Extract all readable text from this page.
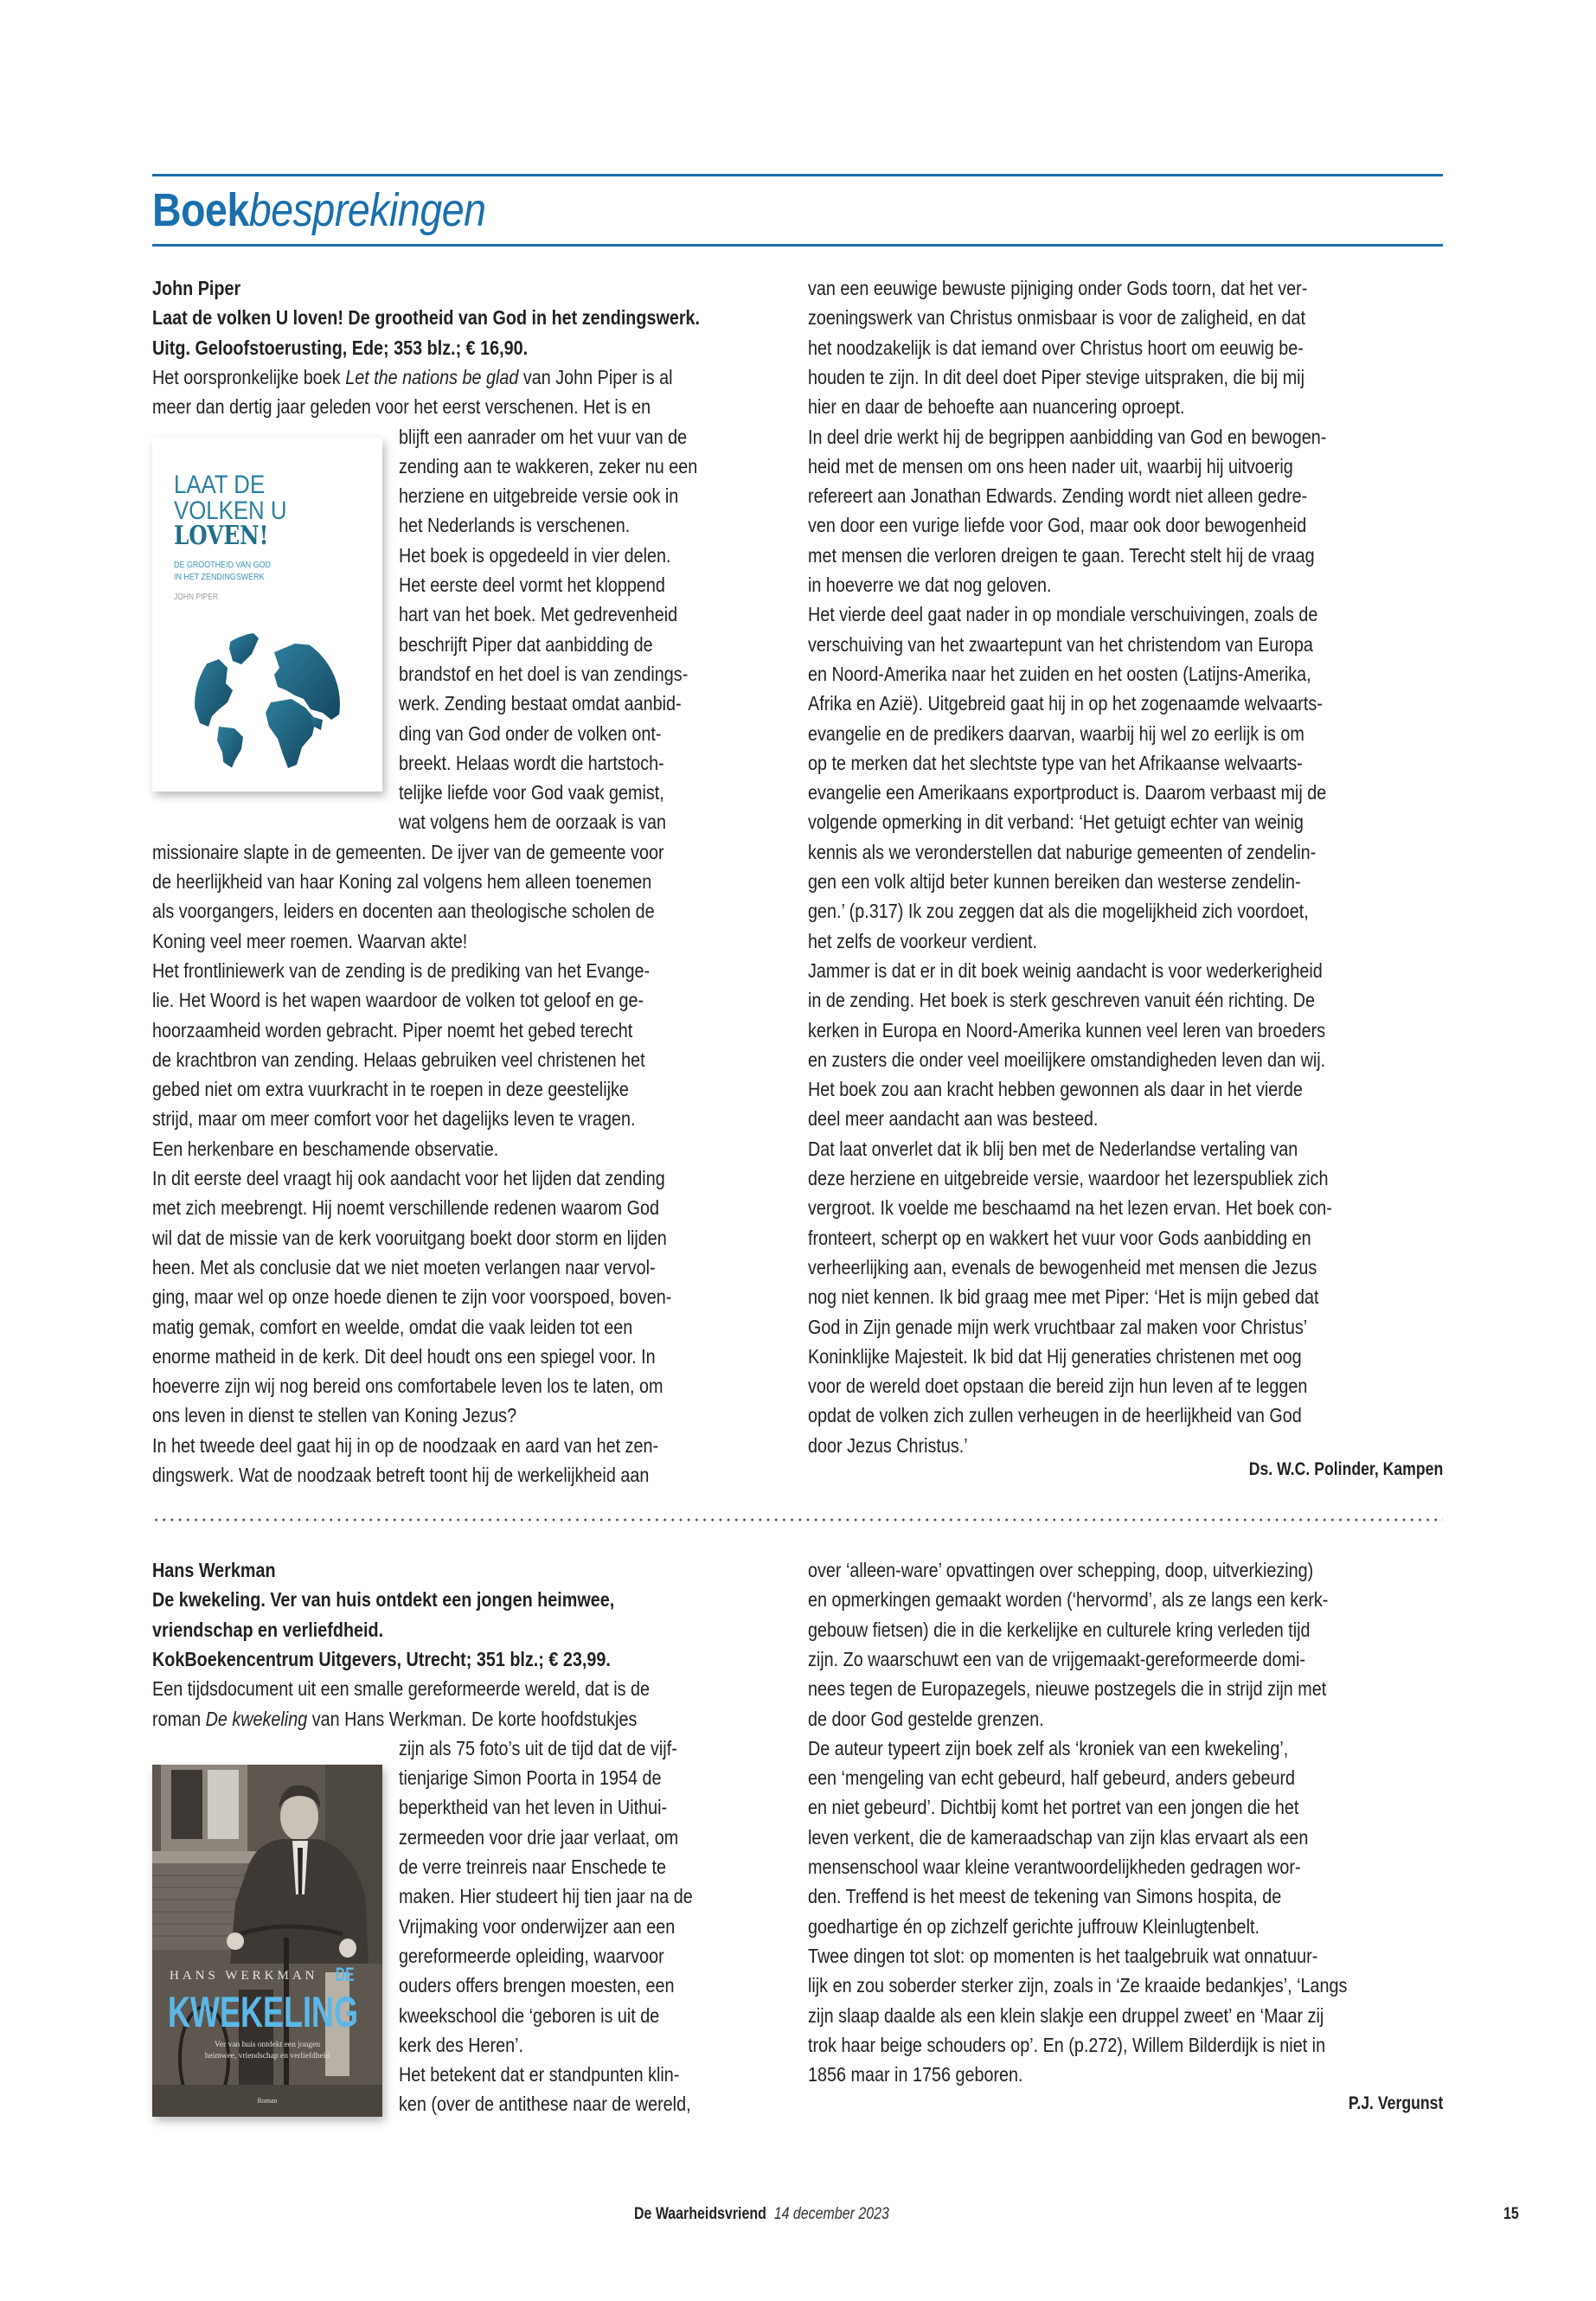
Boekbesprekingen
John Piper
Laat de volken U loven! De grootheid van God in het zendingswerk.
Uitg. Geloofstoerusting, Ede; 353 blz.; € 16,90.
Het oorspronkelijke boek Let the nations be glad van John Piper is al
meer dan dertig jaar geleden voor het eerst verschenen. Het is en
blijft een aanrader om het vuur van de
zending aan te wakkeren, zeker nu een
herziene en uitgebreide versie ook in
het Nederlands is verschenen.
Het boek is opgedeeld in vier delen.
Het eerste deel vormt het kloppend
hart van het boek. Met gedrevenheid
beschrijft Piper dat aanbidding de
brandstof en het doel is van zendings-
werk. Zending bestaat omdat aanbid-
ding van God onder de volken ont-
breekt. Helaas wordt die hartstoch-
telijke liefde voor God vaak gemist,
wat volgens hem de oorzaak is van
missionaire slapte in de gemeenten. De ijver van de gemeente voor
de heerlijkheid van haar Koning zal volgens hem alleen toenemen
als voorgangers, leiders en docenten aan theologische scholen de
Koning veel meer roemen. Waarvan akte!
Het frontliniewerk van de zending is de prediking van het Evange-
lie. Het Woord is het wapen waardoor de volken tot geloof en ge-
hoorzaamheid worden gebracht. Piper noemt het gebed terecht
de krachtbron van zending. Helaas gebruiken veel christenen het
gebed niet om extra vuurkracht in te roepen in deze geestelijke
strijd, maar om meer comfort voor het dagelijks leven te vragen.
Een herkenbare en beschamende observatie.
In dit eerste deel vraagt hij ook aandacht voor het lijden dat zending
met zich meebrengt. Hij noemt verschillende redenen waarom God
wil dat de missie van de kerk vooruitgang boekt door storm en lijden
heen. Met als conclusie dat we niet moeten verlangen naar vervol-
ging, maar wel op onze hoede dienen te zijn voor voorspoed, boven-
matig gemak, comfort en weelde, omdat die vaak leiden tot een
enorme matheid in de kerk. Dit deel houdt ons een spiegel voor. In
hoeverre zijn wij nog bereid ons comfortabele leven los te laten, om
ons leven in dienst te stellen van Koning Jezus?
In het tweede deel gaat hij in op de noodzaak en aard van het zen-
dingswerk. Wat de noodzaak betreft toont hij de werkelijkheid aan
van een eeuwige bewuste pijniging onder Gods toorn, dat het ver-
zoeningswerk van Christus onmisbaar is voor de zaligheid, en dat
het noodzakelijk is dat iemand over Christus hoort om eeuwig be-
houden te zijn. In dit deel doet Piper stevige uitspraken, die bij mij
hier en daar de behoefte aan nuancering oproept.
In deel drie werkt hij de begrippen aanbidding van God en bewogen-
heid met de mensen om ons heen nader uit, waarbij hij uitvoerig
refereert aan Jonathan Edwards. Zending wordt niet alleen gedre-
ven door een vurige liefde voor God, maar ook door bewogenheid
met mensen die verloren dreigen te gaan. Terecht stelt hij de vraag
in hoeverre we dat nog geloven.
Het vierde deel gaat nader in op mondiale verschuivingen, zoals de
verschuiving van het zwaartepunt van het christendom van Europa
en Noord-Amerika naar het zuiden en het oosten (Latijns-Amerika,
Afrika en Azië). Uitgebreid gaat hij in op het zogenaamde welvaarts-
evangelie en de predikers daarvan, waarbij hij wel zo eerlijk is om
op te merken dat het slechtste type van het Afrikaanse welvaarts-
evangelie een Amerikaans exportproduct is. Daarom verbaast mij de
volgende opmerking in dit verband: ‘Het getuigt echter van weinig
kennis als we veronderstellen dat naburige gemeenten of zendelin-
gen een volk altijd beter kunnen bereiken dan westerse zendelin-
gen.’ (p.317) Ik zou zeggen dat als die mogelijkheid zich voordoet,
het zelfs de voorkeur verdient.
Jammer is dat er in dit boek weinig aandacht is voor wederkerigheid
in de zending. Het boek is sterk geschreven vanuit één richting. De
kerken in Europa en Noord-Amerika kunnen veel leren van broeders
en zusters die onder veel moeilijkere omstandigheden leven dan wij.
Het boek zou aan kracht hebben gewonnen als daar in het vierde
deel meer aandacht aan was besteed.
Dat laat onverlet dat ik blij ben met de Nederlandse vertaling van
deze herziene en uitgebreide versie, waardoor het lezerspubliek zich
vergroot. Ik voelde me beschaamd na het lezen ervan. Het boek con-
fronteert, scherpt op en wakkert het vuur voor Gods aanbidding en
verheerlijking aan, evenals de bewogenheid met mensen die Jezus
nog niet kennen. Ik bid graag mee met Piper: ‘Het is mijn gebed dat
God in Zijn genade mijn werk vruchtbaar zal maken voor Christus’
Koninklijke Majesteit. Ik bid dat Hij generaties christenen met oog
voor de wereld doet opstaan die bereid zijn hun leven af te leggen
opdat de volken zich zullen verheugen in de heerlijkheid van God
door Jezus Christus.’
LAAT DE
VOLKEN U
LOVEN!
DE GROOTHEID VAN GOD
IN HET ZENDINGSWERK
JOHN PIPER
Ds. W.C. Polinder, Kampen
Hans Werkman
De kwekeling. Ver van huis ontdekt een jongen heimwee,
vriendschap en verliefdheid.
KokBoekencentrum Uitgevers, Utrecht; 351 blz.; € 23,99.
Een tijdsdocument uit een smalle gereformeerde wereld, dat is de
roman De kwekeling van Hans Werkman. De korte hoofdstukjes
zijn als 75 foto’s uit de tijd dat de vijf-
tienjarige Simon Poorta in 1954 de
beperktheid van het leven in Uithui-
zermeeden voor drie jaar verlaat, om
de verre treinreis naar Enschede te
maken. Hier studeert hij tien jaar na de
Vrijmaking voor onderwijzer aan een
gereformeerde opleiding, waarvoor
ouders offers brengen moesten, een
kweekschool die ‘geboren is uit de
kerk des Heren’.
Het betekent dat er standpunten klin-
ken (over de antithese naar de wereld,
over ‘alleen-ware’ opvattingen over schepping, doop, uitverkiezing)
en opmerkingen gemaakt worden (‘hervormd’, als ze langs een kerk-
gebouw fietsen) die in die kerkelijke en culturele kring verleden tijd
zijn. Zo waarschuwt een van de vrijgemaakt-gereformeerde domi-
nees tegen de Europazegels, nieuwe postzegels die in strijd zijn met
de door God gestelde grenzen.
De auteur typeert zijn boek zelf als ‘kroniek van een kwekeling’,
een ‘mengeling van echt gebeurd, half gebeurd, anders gebeurd
en niet gebeurd’. Dichtbij komt het portret van een jongen die het
leven verkent, die de kameraadschap van zijn klas ervaart als een
mensenschool waar kleine verantwoordelijkheden gedragen wor-
den. Treffend is het meest de tekening van Simons hospita, de
goedhartige én op zichzelf gerichte juffrouw Kleinlugtenbelt.
Twee dingen tot slot: op momenten is het taalgebruik wat onnatuur-
lijk en zou soberder sterker zijn, zoals in ‘Ze kraaide bedankjes’, ‘Langs
zijn slaap daalde als een klein slakje een druppel zweet’ en ‘Maar zij
trok haar beige schouders op’. En (p.272), Willem Bilderdijk is niet in
1856 maar in 1756 geboren.
HANS WERKMAN DE
KWEKELING
Ver van huis ontdekt een jongen
heimwee, vriendschap en verliefdheid
Roman	P.J. Vergunst
De Waarheidsvriend 14 december 2023	15
